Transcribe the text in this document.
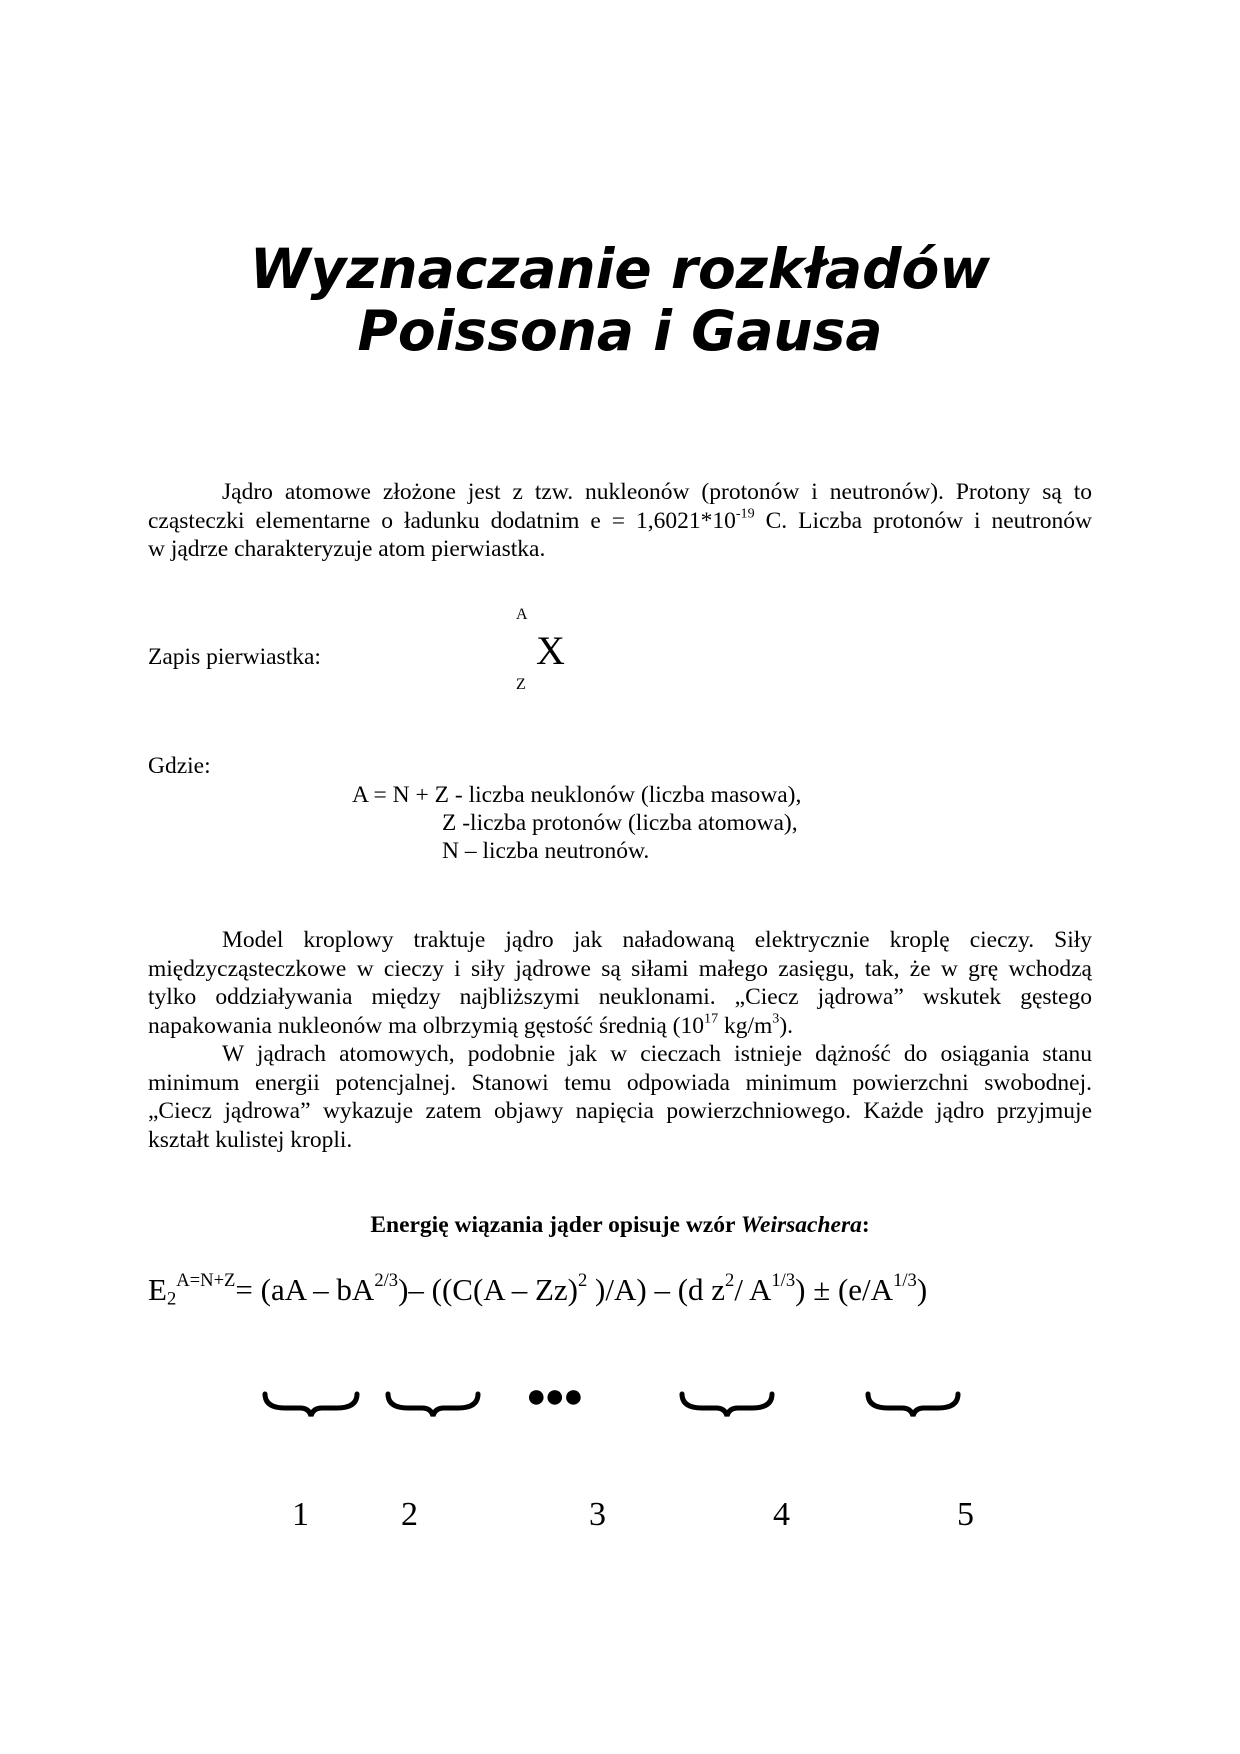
Wyznaczanie rozkładów
Poissona i Gausa
Jądro atomowe złożone jest z tzw. nukleonów (protonów i neutronów). Protony są to
cząsteczki elementarne o ładunku dodatnim $e = 1,6021*10^{-19}$ C. Liczba protonów i neutronów
w jądrze charakteryzuje atom pierwiastka.
Zapis pierwiastka:
A
X
Z
Gdzie:
A = N + Z - liczba neuklonów (liczba masowa),
Z -liczba protonów (liczba atomowa),
N – liczba neutronów.
Model kroplowy traktuje jądro jak naładowaną elektrycznie kroplę cieczy. Siły
międzycząsteczkowe w cieczy i siły jądrowe są siłami małego zasięgu, tak, że w grę wchodzą
tylko oddziaływania między najbliższymi neuklonami. „Ciecz jądrowa” wskutek gęstego
napakowania nukleonów ma olbrzymią gęstość średnią ($10^{17}$ $kg/m^3$).
W jądrach atomowych, podobnie jak w cieczach istnieje dążność do osiągania stanu
minimum energii potencjalnej. Stanowi temu odpowiada minimum powierzchni swobodnej.
„Ciecz jądrowa” wykazuje zatem objawy napięcia powierzchniowego. Każde jądro przyjmuje
kształt kulistej kropli.
Energię wiązania jąder opisuje wzór Weirsachera:
$E_2^{A=N+Z}= (aA - bA^{2/3})-$ ((C(A – Zz)$^2$ )/A) – (d $z^2/$ $A^{1/3}) \pm (e/A^{1/3})$
●●●
1	2	3	4	5
